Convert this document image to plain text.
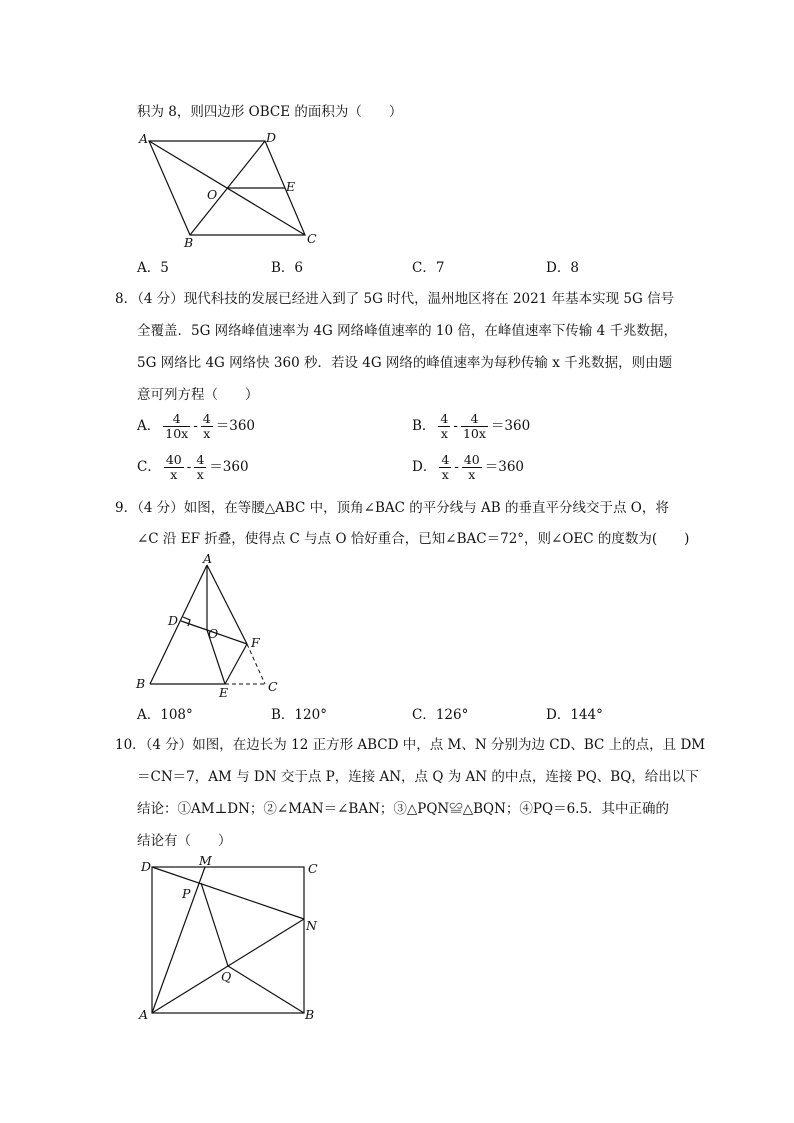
积为 8，则四边形 OBCE 的面积为（　　）
A	D
O
E
B	C
A．5	B．6	C．7	D．8
8．（4 分）现代科技的发展已经进入到了 5G 时代，温州地区将在 2021 年基本实现 5G 信号
全覆盖．5G 网络峰值速率为 4G 网络峰值速率的 10 倍，在峰值速率下传输 4 千兆数据，
5G 网络比 4G 网络快 360 秒．若设 4G 网络的峰值速率为每秒传输 x 千兆数据，则由题
意可列方程（　　）
A． $\frac{4}{10x} - \frac{4}{x} =360$	B． $\frac{4}{x} - \frac{4}{10x} =360$
C． $\frac{40}{x} - \frac{4}{x} =360$	D． $\frac{4}{x} - \frac{40}{x} =360$
9．（4 分）如图，在等腰△ABC 中，顶角∠BAC 的平分线与 AB 的垂直平分线交于点 O，将
∠C 沿 EF 折叠，使得点 C 与点 O 恰好重合，已知∠BAC＝72°，则∠OEC 的度数为(　　)
A
D
O
F
B
E	C
A．108°	B．120°	C．126°	D．144°
10．（4 分）如图，在边长为 12 正方形 ABCD 中，点 M、N 分别为边 CD、BC 上的点，且 DM
＝CN＝7，AM 与 DN 交于点 P，连接 AN，点 Q 为 AN 的中点，连接 PQ、BQ，给出以下
结论：①AM⊥DN；②∠MAN＝∠BAN；③△PQN≌△BQN；④PQ＝6.5．其中正确的
结论有（　　）
D	M
C
P
N
Q
A	B
